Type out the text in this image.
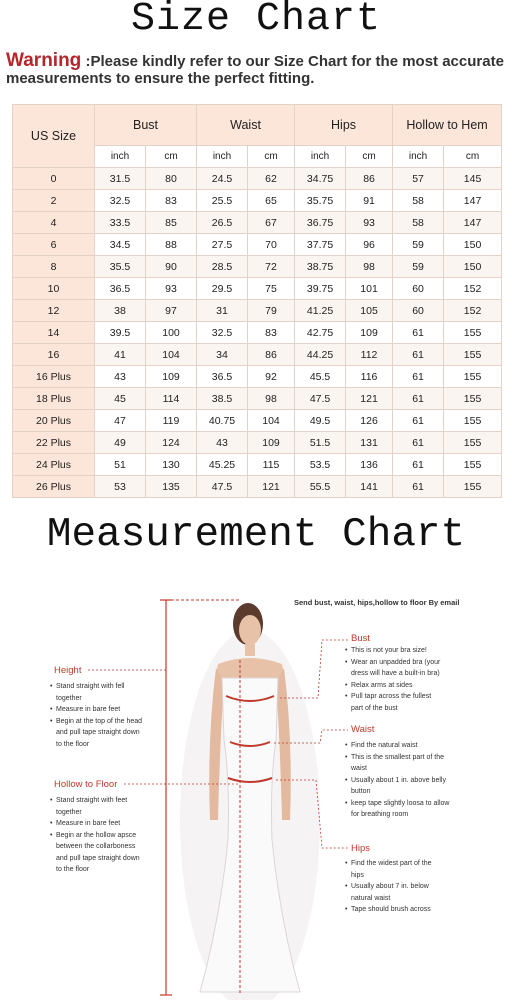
Size Chart
Warning :Please kindly refer to our Size Chart for the most accurate measurements to ensure the perfect fitting.
US Size	Bust		Waist		Hips		Hollow to Hem	
	inch	cm	inch	cm	inch	cm	inch	cm
0	31.5	80	24.5	62	34.75	86	57	145
2	32.5	83	25.5	65	35.75	91	58	147
4	33.5	85	26.5	67	36.75	93	58	147
6	34.5	88	27.5	70	37.75	96	59	150
8	35.5	90	28.5	72	38.75	98	59	150
10	36.5	93	29.5	75	39.75	101	60	152
12	38	97	31	79	41.25	105	60	152
14	39.5	100	32.5	83	42.75	109	61	155
16	41	104	34	86	44.25	112	61	155
16 Plus	43	109	36.5	92	45.5	116	61	155
18 Plus	45	114	38.5	98	47.5	121	61	155
20 Plus	47	119	40.75	104	49.5	126	61	155
22 Plus	49	124	43	109	51.5	131	61	155
24 Plus	51	130	45.25	115	53.5	136	61	155
26 Plus	53	135	47.5	121	55.5	141	61	155
Measurement Chart
Send bust, waist, hips,hollow to floor By email
Height
• Stand straight with fell
together
• Measure in bare feet
• Begin at the top of the head
and pull tape straight down
to the floor
Hollow to Floor
• Stand straight with feet
together
• Measure in bare feet
• Begin ar the hollow apsce
between the collarboness
and pull tape straight down
to the floor
Bust
• This is not your bra size!
• Wear an unpadded bra (your
dress will have a built-in bra)
• Relax arms at sides
• Pull tapr across the fullest
part of the bust
Waist
• Find the natural waist
• This is the smallest part of the
waist
• Usually about 1 in. above belly
button
• keep tape slightly loosa to allow
for breathing room
Hips
• Find the widest part of the
hips
• Usually about 7 in. below
natural waist
• Tape should brush across
